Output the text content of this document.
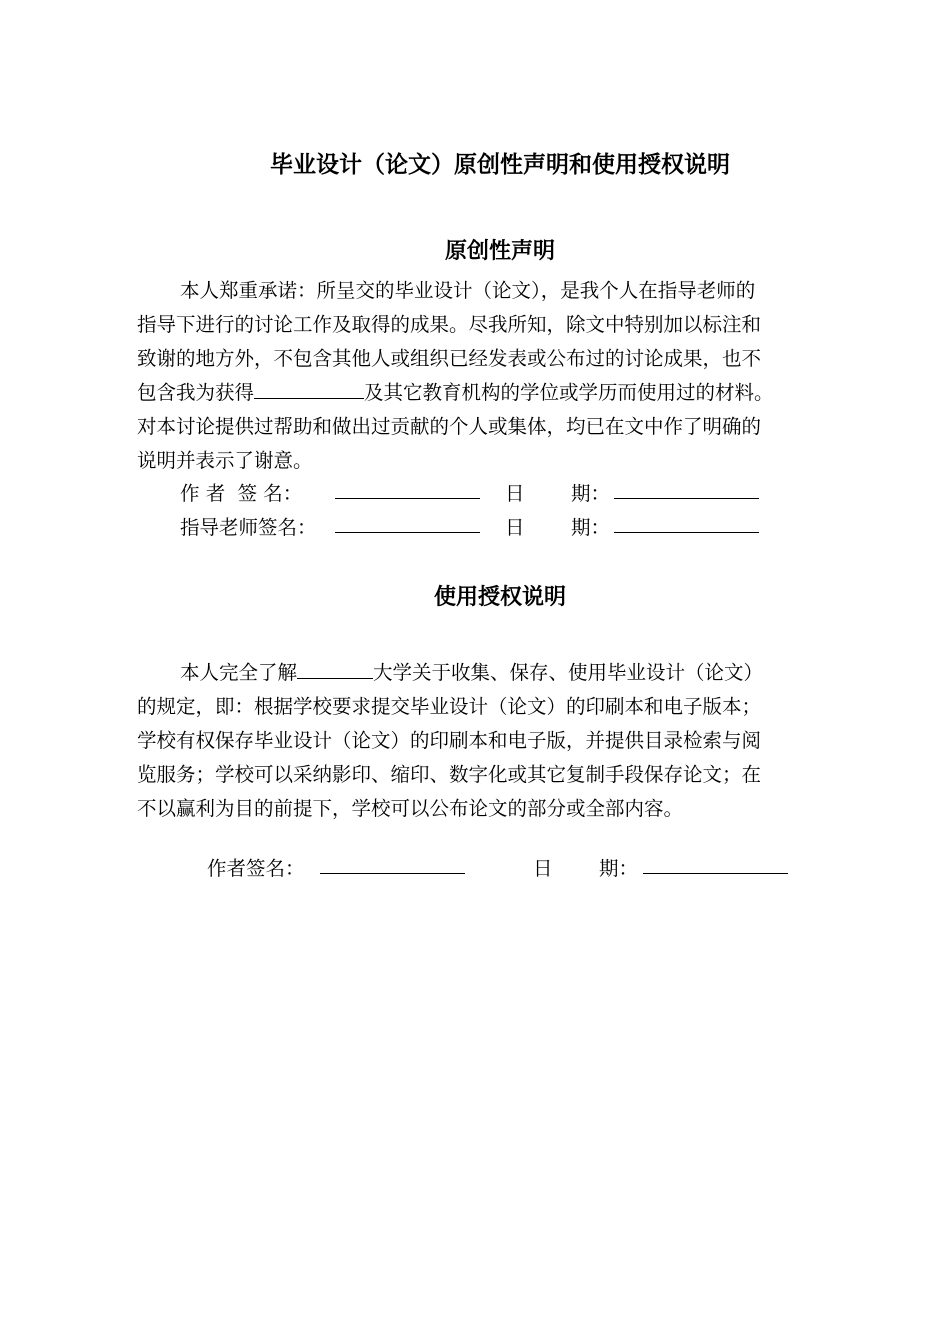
毕业设计（论文）原创性声明和使用授权说明
原创性声明
本人郑重承诺：所呈交的毕业设计（论文），是我个人在指导老师的
指导下进行的讨论工作及取得的成果。尽我所知，除文中特别加以标注和
致谢的地方外，不包含其他人或组织已经发表或公布过的讨论成果，也不
包含我为获得	及其它教育机构的学位或学历而使用过的材料。
对本讨论提供过帮助和做出过贡献的个人或集体，均已在文中作了明确的
说明并表示了谢意。
作 者  签 名：	日 期：
指导老师签名：	日 期：
使用授权说明
本人完全了解	大学关于收集、保存、使用毕业设计（论文）
的规定，即：根据学校要求提交毕业设计（论文）的印刷本和电子版本；
学校有权保存毕业设计（论文）的印刷本和电子版，并提供目录检索与阅
览服务；学校可以采纳影印、缩印、数字化或其它复制手段保存论文；在
不以赢利为目的前提下，学校可以公布论文的部分或全部内容。
作者签名：	日 期：
